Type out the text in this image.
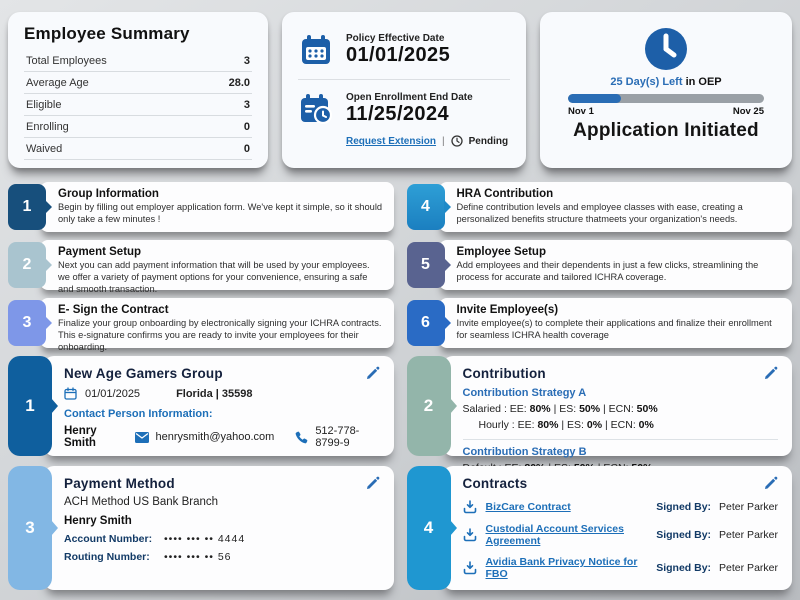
Employee Summary
Total Employees	3
Average Age	28.0
Eligible	3
Enrolling	0
Waived	0
Policy Effective Date
01/01/2025
Open Enrollment End Date
11/25/2024
Request Extension | Pending
25 Day(s) Left in OEP
Nov 1	Nov 25
Application Initiated
1
Group Information
Begin by filling out employer application form. We've kept it simple, so it should only take a few minutes !
4
HRA Contribution
Define contribution levels and employee classes with ease, creating a personalized benefits structure thatmeets your organization's needs.
2
Payment Setup
Next you can add payment information that will be used by your employees. we offer a variety of payment options for your convenience, ensuring a safe and smooth transaction.
5
Employee Setup
Add employees and their dependents in just a few clicks, streamlining the process for accurate and tailored ICHRA coverage.
3
E- Sign the Contract
Finalize your group onboarding by electronically signing your ICHRA contracts. This e-signature confirms you are ready to invite your employees for their onboarding.
6
Invite Employee(s)
Invite employee(s) to complete their applications and finalize their enrollment for seamless ICHRA health coverage
1
New Age Gamers Group
01/01/2025	Florida | 35598
Contact Person Information:
Henry Smith	henrysmith@yahoo.com	512-778-8799-9
2
Contribution
Contribution Strategy A
Salaried : EE: 80% | ES: 50% | ECN: 50%
Hourly : EE: 80% | ES: 0% | ECN: 0%
Contribution Strategy B
3
Payment Method
ACH Method US Bank Branch
Henry Smith
Account Number:	•••• ••• •• 4444
Routing Number:	•••• ••• •• 56
4
Contracts
BizCare Contract	Signed By: Peter Parker
Custodial Account Services Agreement	Signed By: Peter Parker
Avidia Bank Privacy Notice for FBO	Signed By: Peter Parker
